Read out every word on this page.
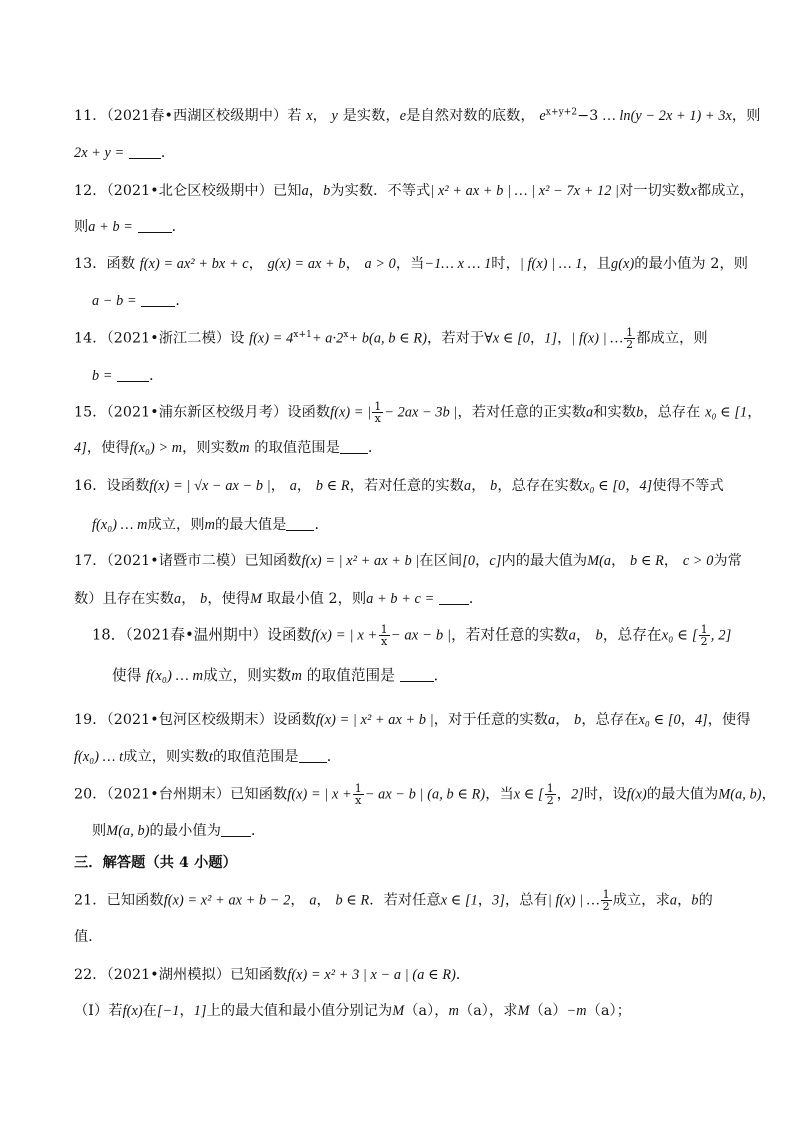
11．（2021春•西湖区校级期中）若 x， y 是实数，e是自然对数的底数， $e^{x+y+2}-3$ … ln(y − 2x + 1) + 3x，则
2x + y =	．
12．（2021•北仑区校级期中）已知a，b为实数．不等式| x² + ax + b | … | x² − 7x + 12 |对一切实数x都成立，
则a + b =	．
13．函数 f(x) = ax² + bx + c， g(x) = ax + b， a > 0，当−1… x … 1时，| f(x) | … 1，且g(x)的最小值为 2，则
a − b =	．
14．（2021•浙江二模）设 $f(x) = 4^{x+1}+ a\cdot 2^x+ b(a$, b ∈ R)，若对于∀x ∈ [0，1]，| f(x) | … $\frac{1}{2}$ 都成立，则
b =	．
15．（2021•浦东新区校级月考）设函数f(x) = | $\frac{1}{x} - 2ax - 3b$ |，若对任意的正实数a和实数b，总存在 x₀ ∈ [1，
4]，使得f(x₀) > m，则实数m 的取值范围是 ．
16．设函数f(x) = | √x − ax − b |， a， b ∈ R，若对任意的实数a， b，总存在实数x₀ ∈ [0，4]使得不等式
f(x₀) … m成立，则m的最大值是 ．
17．（2021•诸暨市二模）已知函数f(x) = | x² + ax + b |在区间[0，c]内的最大值为M(a， b ∈ R， c > 0为常
数）且存在实数a， b，使得M 取最小值 2，则a + b + c = ．
18．（2021春•温州期中）设函数f(x) = | $x + \frac{1}{x}$ − ax − b |，若对任意的实数a， b，总存在x₀ ∈ [ $\frac{1}{2}$ , 2]
使得 f(x₀) … m成立，则实数m 的取值范围是	．
19．（2021•包河区校级期末）设函数f(x) = | x² + ax + b |，对于任意的实数a， b，总存在x₀ ∈ [0，4]，使得
f(x₀) … t成立，则实数t的取值范围是 ．
20．（2021•台州期末）已知函数f(x) = | $x + \frac{1}{x}$ − ax − b | (a, b ∈ R)，当x ∈ [ $\frac{1}{2}$ ，2]时，设f(x)的最大值为M(a, b)，
则M(a, b)的最小值为 ．
三．解答题（共 4 小题）
21．已知函数f(x) = x² + ax + b − 2， a， b ∈ R．若对任意x ∈ [1，3]，总有| f(x) | … $\frac{1}{2}$ 成立，求a，b的
值．
22．（2021•湖州模拟）已知函数f(x) = x² + 3 | x − a | (a ∈ R)．
（Ⅰ）若f(x)在[−1，1]上的最大值和最小值分别记为M（a），m（a），求M（a）−m（a）；
